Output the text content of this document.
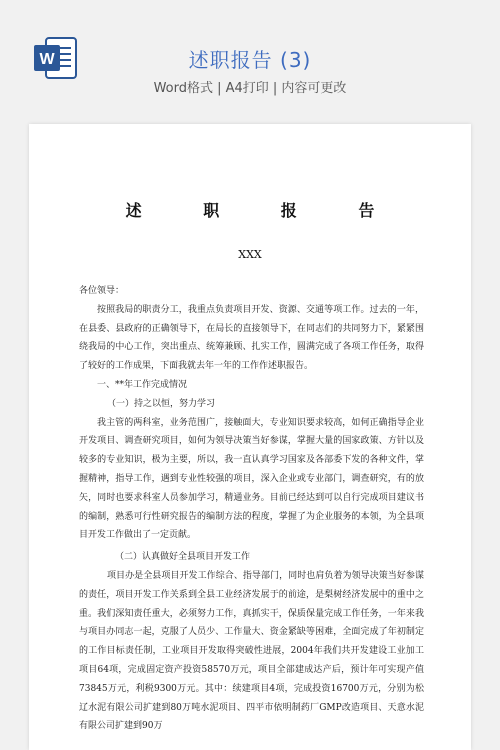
W	述职报告 (3)
Word格式 | A4打印 | 内容可更改
述 职 报 告
XXX

各位领导：

按照我局的职责分工，我重点负责项目开发、资源、交通等项工作。过去的一年，在县委、县政府的正确领导下，在局长的直接领导下，在同志们的共同努力下，紧紧围绕我局的中心工作，突出重点、统筹兼顾、扎实工作，圆满完成了各项工作任务，取得了较好的工作成果，下面我就去年一年的工作作述职报告。

一、**年工作完成情况

（一）持之以恒，努力学习

我主管的两科室，业务范围广，接触面大，专业知识要求较高，如何正确指导企业开发项目、调查研究项目，如何为领导决策当好参谋，掌握大量的国家政策、方针以及较多的专业知识，极为主要，所以，我一直认真学习国家及各部委下发的各种文件，掌握精神，指导工作，遇到专业性较强的项目，深入企业或专业部门，调查研究，有的放矢，同时也要求科室人员参加学习，精通业务。目前已经达到可以自行完成项目建议书的编制，熟悉可行性研究报告的编制方法的程度，掌握了为企业服务的本领，为全县项目开发工作做出了一定贡献。

（二）认真做好全县项目开发工作

项目办是全县项目开发工作综合、指导部门，同时也肩负着为领导决策当好参谋的责任，项目开发工作关系到全县工业经济发展于的前途，是梨树经济发展中的重中之重。我们深知责任重大，必须努力工作，真抓实干，保质保量完成工作任务，一年来我与项目办同志一起，克服了人员少、工作量大、资金紧缺等困难，全面完成了年初制定的工作目标责任制，工业项目开发取得突破性进展，2004年我们共开发建设工业加工项目64项，完成固定资产投资58570万元，项目全部建成达产后，预计年可实现产值73845万元，利税9300万元。其中：续建项目4项，完成投资16700万元，分别为松辽水泥有限公司扩建到80万吨水泥项目、四平市依明制药厂GMP改造项目、天意水泥有限公司扩建到90万
